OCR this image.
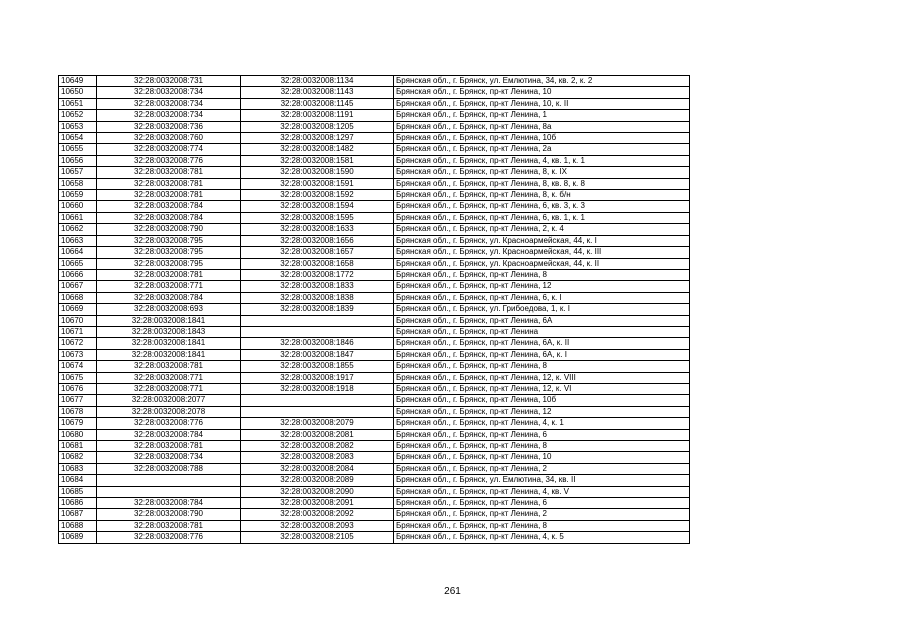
10649	32:28:0032008:731	32:28:0032008:1134	Брянская обл., г. Брянск, ул. Емлютина, 34, кв. 2, к. 2
10650	32:28:0032008:734	32:28:0032008:1143	Брянская обл., г. Брянск, пр-кт Ленина, 10
10651	32:28:0032008:734	32:28:0032008:1145	Брянская обл., г. Брянск, пр-кт Ленина, 10, к. II
10652	32:28:0032008:734	32:28:0032008:1191	Брянская обл., г. Брянск, пр-кт Ленина, 1
10653	32:28:0032008:736	32:28:0032008:1205	Брянская обл., г. Брянск, пр-кт Ленина, 8а
10654	32:28:0032008:760	32:28:0032008:1297	Брянская обл., г. Брянск, пр-кт Ленина, 10б
10655	32:28:0032008:774	32:28:0032008:1482	Брянская обл., г. Брянск, пр-кт Ленина, 2а
10656	32:28:0032008:776	32:28:0032008:1581	Брянская обл., г. Брянск, пр-кт Ленина, 4, кв. 1, к. 1
10657	32:28:0032008:781	32:28:0032008:1590	Брянская обл., г. Брянск, пр-кт Ленина, 8, к. IX
10658	32:28:0032008:781	32:28:0032008:1591	Брянская обл., г. Брянск, пр-кт Ленина, 8, кв. 8, к. 8
10659	32:28:0032008:781	32:28:0032008:1592	Брянская обл., г. Брянск, пр-кт Ленина, 8, к. б/н
10660	32:28:0032008:784	32:28:0032008:1594	Брянская обл., г. Брянск, пр-кт Ленина, 6, кв. 3, к. 3
10661	32:28:0032008:784	32:28:0032008:1595	Брянская обл., г. Брянск, пр-кт Ленина, 6, кв. 1, к. 1
10662	32:28:0032008:790	32:28:0032008:1633	Брянская обл., г. Брянск, пр-кт Ленина, 2, к. 4
10663	32:28:0032008:795	32:28:0032008:1656	Брянская обл., г. Брянск, ул. Красноармейская, 44, к. I
10664	32:28:0032008:795	32:28:0032008:1657	Брянская обл., г. Брянск, ул. Красноармейская, 44, к. III
10665	32:28:0032008:795	32:28:0032008:1658	Брянская обл., г. Брянск, ул. Красноармейская, 44, к. II
10666	32:28:0032008:781	32:28:0032008:1772	Брянская обл., г. Брянск, пр-кт Ленина, 8
10667	32:28:0032008:771	32:28:0032008:1833	Брянская обл., г. Брянск, пр-кт Ленина, 12
10668	32:28:0032008:784	32:28:0032008:1838	Брянская обл., г. Брянск, пр-кт Ленина, 6, к. I
10669	32:28:0032008:693	32:28:0032008:1839	Брянская обл., г. Брянск, ул. Грибоедова, 1, к. I
10670	32:28:0032008:1841		Брянская обл., г. Брянск, пр-кт Ленина, 6А
10671	32:28:0032008:1843		Брянская обл., г. Брянск, пр-кт Ленина
10672	32:28:0032008:1841	32:28:0032008:1846	Брянская обл., г. Брянск, пр-кт Ленина, 6А, к. II
10673	32:28:0032008:1841	32:28:0032008:1847	Брянская обл., г. Брянск, пр-кт Ленина, 6А, к. I
10674	32:28:0032008:781	32:28:0032008:1855	Брянская обл., г. Брянск, пр-кт Ленина, 8
10675	32:28:0032008:771	32:28:0032008:1917	Брянская обл., г. Брянск, пр-кт Ленина, 12, к. VIII
10676	32:28:0032008:771	32:28:0032008:1918	Брянская обл., г. Брянск, пр-кт Ленина, 12, к. VI
10677	32:28:0032008:2077		Брянская обл., г. Брянск, пр-кт Ленина, 10б
10678	32:28:0032008:2078		Брянская обл., г. Брянск, пр-кт Ленина, 12
10679	32:28:0032008:776	32:28:0032008:2079	Брянская обл., г. Брянск, пр-кт Ленина, 4, к. 1
10680	32:28:0032008:784	32:28:0032008:2081	Брянская обл., г. Брянск, пр-кт Ленина, 6
10681	32:28:0032008:781	32:28:0032008:2082	Брянская обл., г. Брянск, пр-кт Ленина, 8
10682	32:28:0032008:734	32:28:0032008:2083	Брянская обл., г. Брянск, пр-кт Ленина, 10
10683	32:28:0032008:788	32:28:0032008:2084	Брянская обл., г. Брянск, пр-кт Ленина, 2
10684		32:28:0032008:2089	Брянская обл., г. Брянск, ул. Емлютина, 34, кв. II
10685		32:28:0032008:2090	Брянская обл., г. Брянск, пр-кт Ленина, 4, кв. V
10686	32:28:0032008:784	32:28:0032008:2091	Брянская обл., г. Брянск, пр-кт Ленина, 6
10687	32:28:0032008:790	32:28:0032008:2092	Брянская обл., г. Брянск, пр-кт Ленина, 2
10688	32:28:0032008:781	32:28:0032008:2093	Брянская обл., г. Брянск, пр-кт Ленина, 8
10689	32:28:0032008:776	32:28:0032008:2105	Брянская обл., г. Брянск, пр-кт Ленина, 4, к. 5
261
